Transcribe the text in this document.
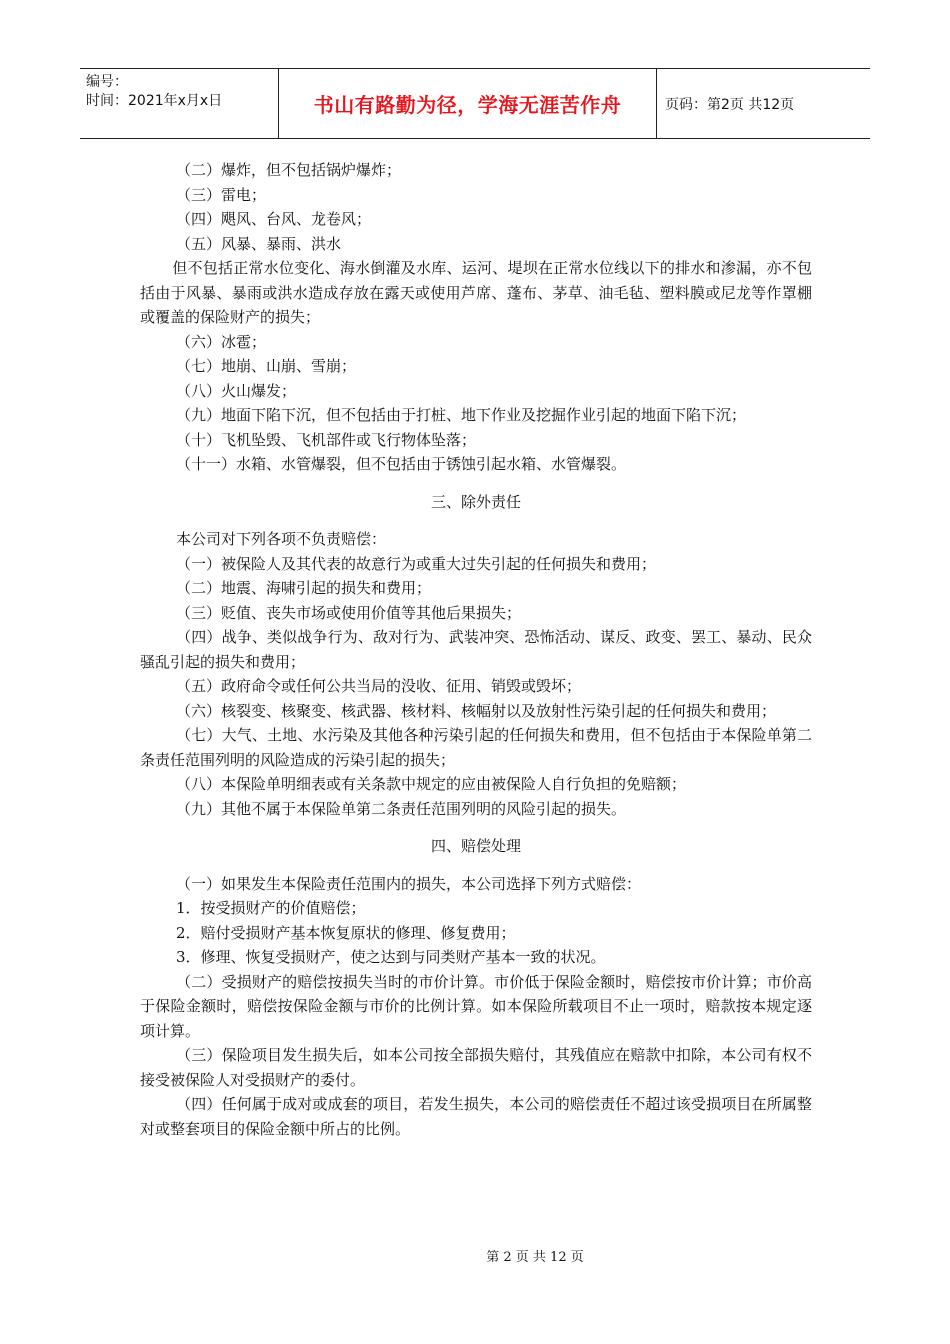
编号：
时间：2021年x月x日	书山有路勤为径，学海无涯苦作舟	页码：第2页 共12页
（二）爆炸，但不包括锅炉爆炸；
（三）雷电；
（四）飓风、台风、龙卷风；
（五）风暴、暴雨、洪水
但不包括正常水位变化、海水倒灌及水库、运河、堤坝在正常水位线以下的排水和渗漏，亦不包括由于风暴、暴雨或洪水造成存放在露天或使用芦席、蓬布、茅草、油毛毡、塑料膜或尼龙等作罩棚或覆盖的保险财产的损失；
（六）冰雹；
（七）地崩、山崩、雪崩；
（八）火山爆发；
（九）地面下陷下沉，但不包括由于打桩、地下作业及挖掘作业引起的地面下陷下沉；
（十）飞机坠毁、飞机部件或飞行物体坠落；
（十一）水箱、水管爆裂，但不包括由于锈蚀引起水箱、水管爆裂。
三、除外责任
本公司对下列各项不负责赔偿：
（一）被保险人及其代表的故意行为或重大过失引起的任何损失和费用；
（二）地震、海啸引起的损失和费用；
（三）贬值、丧失市场或使用价值等其他后果损失；
（四）战争、类似战争行为、敌对行为、武装冲突、恐怖活动、谋反、政变、罢工、暴动、民众骚乱引起的损失和费用；
（五）政府命令或任何公共当局的没收、征用、销毁或毁坏；
（六）核裂变、核聚变、核武器、核材料、核幅射以及放射性污染引起的任何损失和费用；
（七）大气、土地、水污染及其他各种污染引起的任何损失和费用，但不包括由于本保险单第二条责任范围列明的风险造成的污染引起的损失；
（八）本保险单明细表或有关条款中规定的应由被保险人自行负担的免赔额；
（九）其他不属于本保险单第二条责任范围列明的风险引起的损失。
四、赔偿处理
（一）如果发生本保险责任范围内的损失，本公司选择下列方式赔偿：
1．按受损财产的价值赔偿；
2．赔付受损财产基本恢复原状的修理、修复费用；
3．修理、恢复受损财产，使之达到与同类财产基本一致的状况。
（二）受损财产的赔偿按损失当时的市价计算。市价低于保险金额时，赔偿按市价计算；市价高于保险金额时，赔偿按保险金额与市价的比例计算。如本保险所载项目不止一项时，赔款按本规定逐项计算。
（三）保险项目发生损失后，如本公司按全部损失赔付，其残值应在赔款中扣除，本公司有权不接受被保险人对受损财产的委付。
（四）任何属于成对或成套的项目，若发生损失，本公司的赔偿责任不超过该受损项目在所属整对或整套项目的保险金额中所占的比例。
第 2 页 共 12 页
